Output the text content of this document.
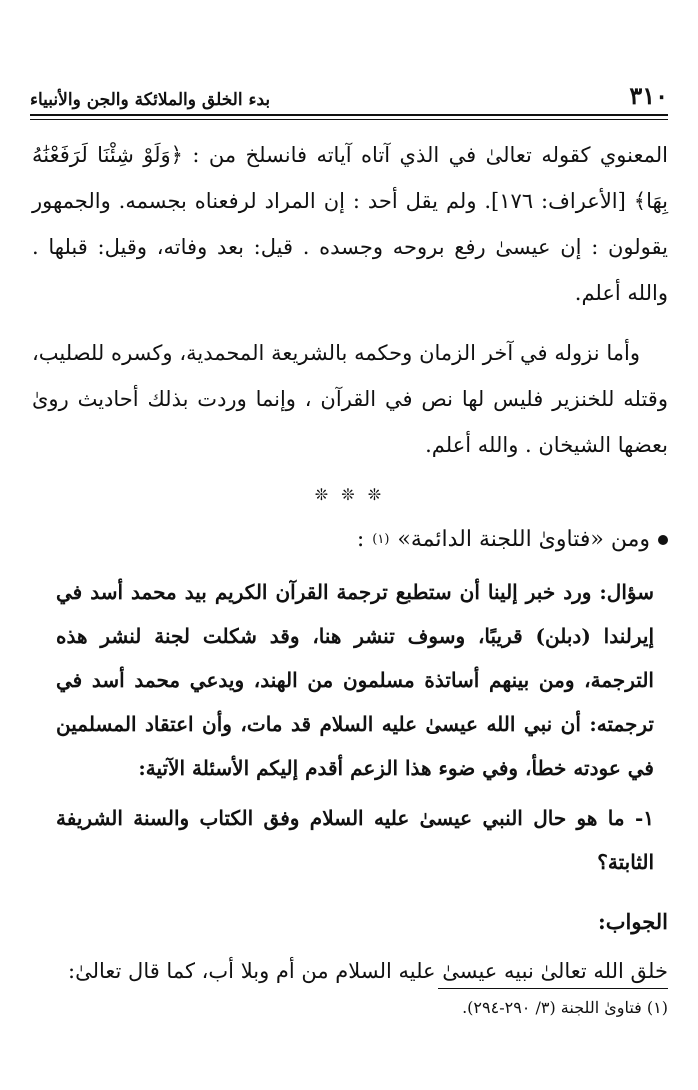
٣١٠
بدء الخلق والملائكة والجن والأنبياء

المعنوي كقوله تعالىٰ في الذي آتاه آياته فانسلخ من : ﴿وَلَوْ شِئْنَا لَرَفَعْنَٰهُ بِهَا﴾ [الأعراف: ١٧٦]. ولم يقل أحد : إن المراد لرفعناه بجسمه. والجمهور يقولون : إن عيسىٰ رفع بروحه وجسده . قيل: بعد وفاته، وقيل: قبلها . والله أعلم.

وأما نزوله في آخر الزمان وحكمه بالشريعة المحمدية، وكسره للصليب، وقتله للخنزير فليس لها نص في القرآن ، وإنما وردت بذلك أحاديث روىٰ بعضها الشيخان . والله أعلم.

❊ ❊ ❊
ومن «فتاوىٰ اللجنة الدائمة»
(١)
:

سؤال: ورد خبر إلينا أن ستطبع ترجمة القرآن الكريم بيد محمد أسد في إيرلندا (دبلن) قريبًا، وسوف تنشر هنا، وقد شكلت لجنة لنشر هذه الترجمة، ومن بينهم أساتذة مسلمون من الهند، ويدعي محمد أسد في ترجمته: أن نبي الله عيسىٰ عليه السلام قد مات، وأن اعتقاد المسلمين في عودته خطأ، وفي ضوء هذا الزعم أقدم إليكم الأسئلة الآتية:

١- ما هو حال النبي عيسىٰ عليه السلام وفق الكتاب والسنة الشريفة الثابتة؟

الجواب:

خلق الله تعالىٰ نبيه عيسىٰ عليه السلام من أم وبلا أب، كما قال تعالىٰ:

(١) فتاوىٰ اللجنة (٣/ ٢٩٠-٢٩٤).
